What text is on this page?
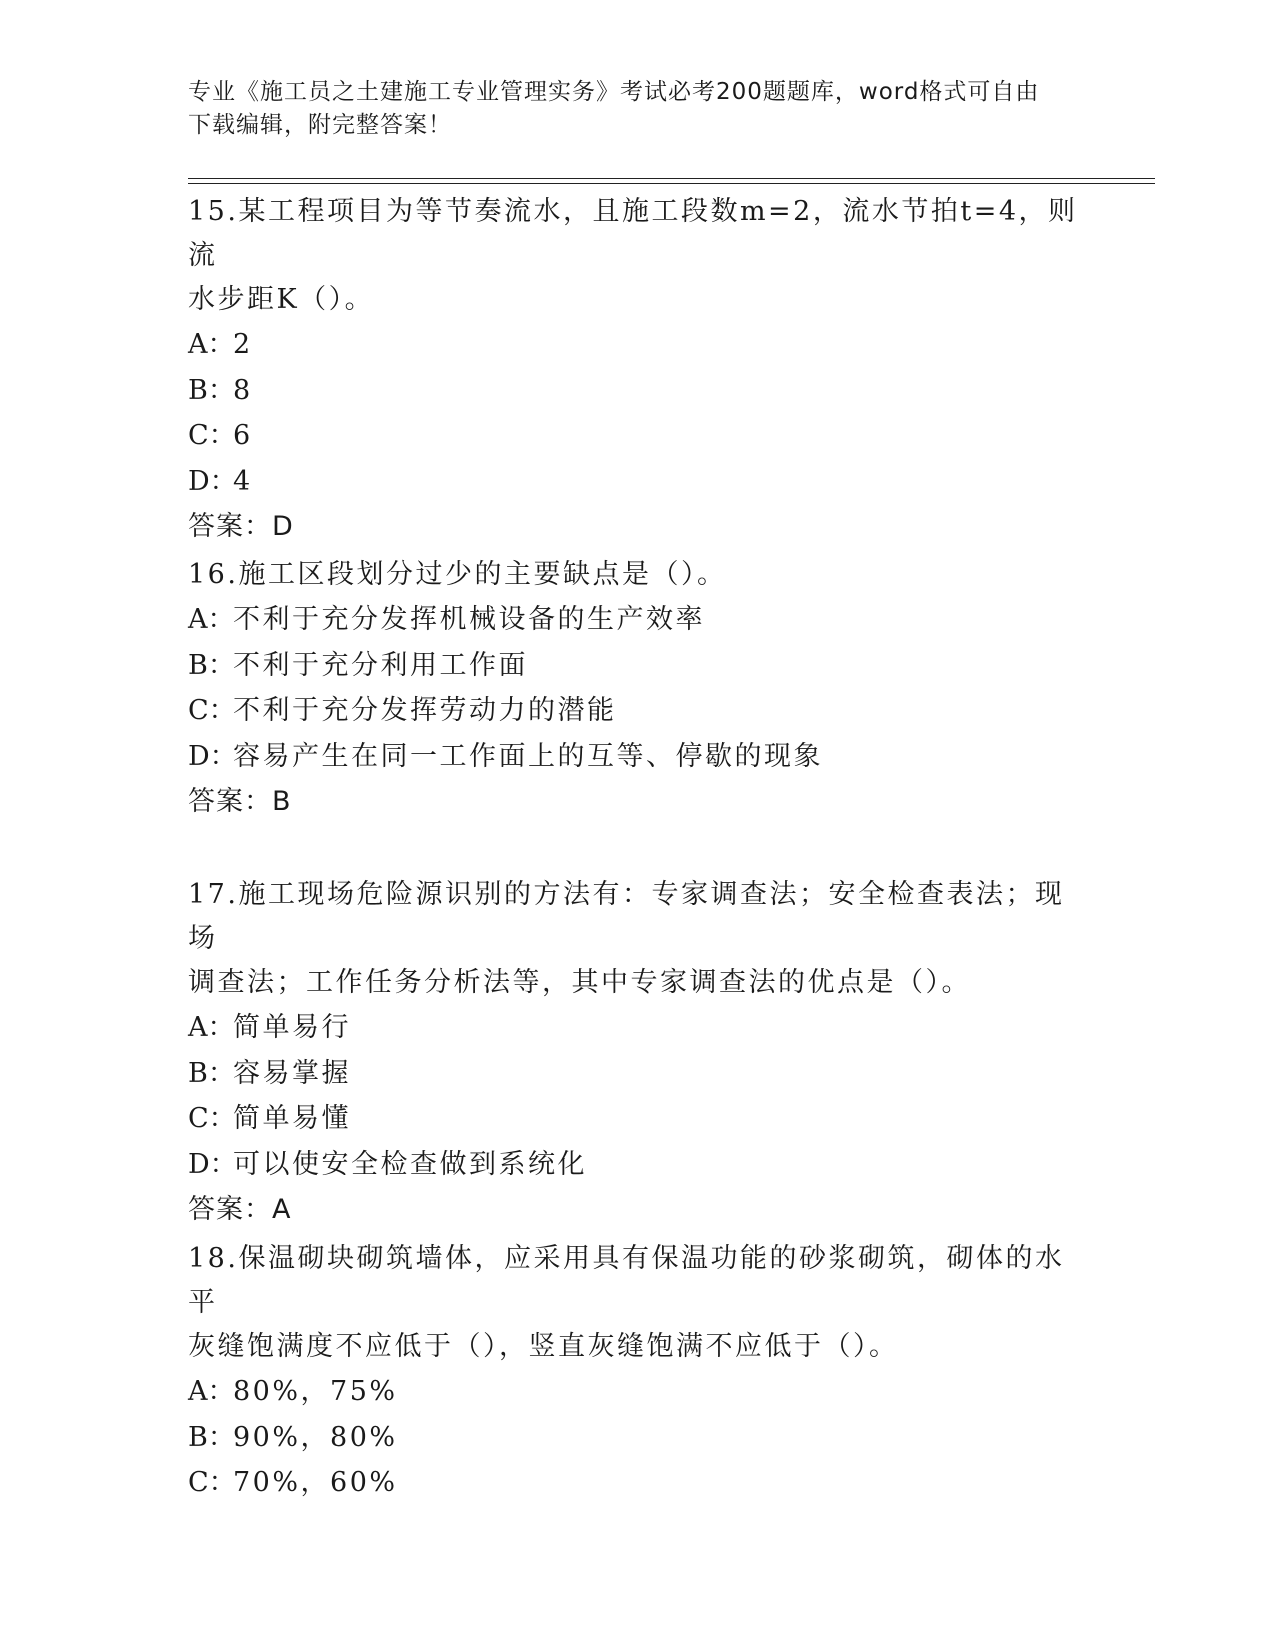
专业《施工员之土建施工专业管理实务》考试必考200题题库，word格式可自由
下载编辑，附完整答案！
15.某工程项目为等节奏流水，且施工段数m=2，流水节拍t=4，则流
水步距K（）。
A：2
B：8
C：6
D：4
答案：D
16.施工区段划分过少的主要缺点是（）。
A：不利于充分发挥机械设备的生产效率
B：不利于充分利用工作面
C：不利于充分发挥劳动力的潜能
D：容易产生在同一工作面上的互等、停歇的现象
答案：B
17.施工现场危险源识别的方法有：专家调查法；安全检查表法；现场
调查法；工作任务分析法等，其中专家调查法的优点是（）。
A：简单易行
B：容易掌握
C：简单易懂
D：可以使安全检查做到系统化
答案：A
18.保温砌块砌筑墙体，应采用具有保温功能的砂浆砌筑，砌体的水平
灰缝饱满度不应低于（），竖直灰缝饱满不应低于（）。
A：80%，75%
B：90%，80%
C：70%，60%
